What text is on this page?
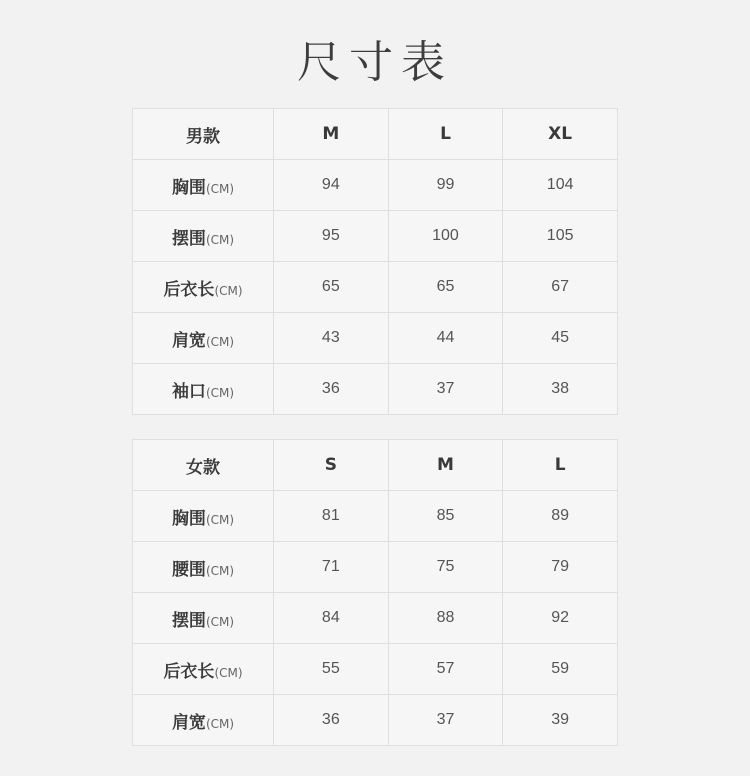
尺寸表
男款	M	L	XL
胸围(CM)	94	99	104
摆围(CM)	95	100	105
后衣长(CM)	65	65	67
肩宽(CM)	43	44	45
袖口(CM)	36	37	38
女款	S	M	L
胸围(CM)	81	85	89
腰围(CM)	71	75	79
摆围(CM)	84	88	92
后衣长(CM)	55	57	59
肩宽(CM)	36	37	39
